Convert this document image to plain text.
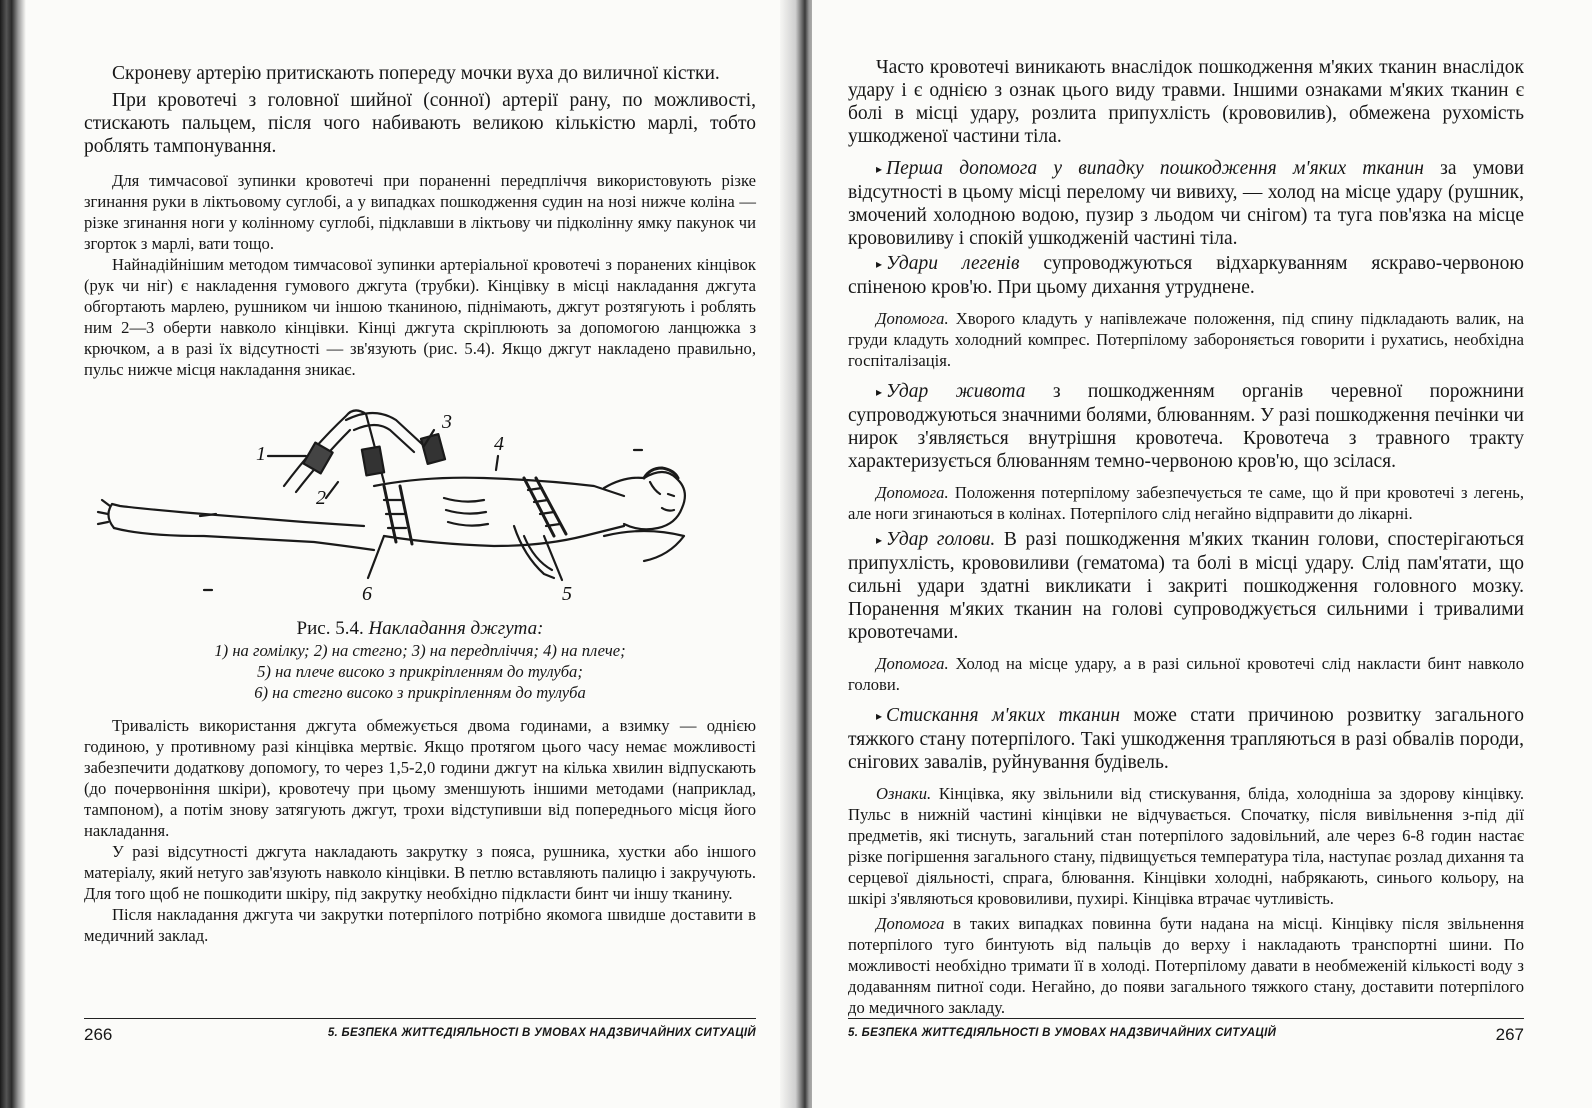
Скроневу артерію притискають попереду мочки вуха до виличної кістки.

При кровотечі з головної шийної (сонної) артерії рану, по можливості, стискають пальцем, після чого набивають великою кількістю марлі, тобто роблять тампонування.

Для тимчасової зупинки кровотечі при пораненні передпліччя використовують різке згинання руки в ліктьовому суглобі, а у випадках пошкодження судин на нозі нижче коліна — різке згинання ноги у колінному суглобі, підклавши в ліктьову чи підколінну ямку пакунок чи згорток з марлі, вати тощо.

Найнадійнішим методом тимчасової зупинки артеріальної кровотечі з поранених кінцівок (рук чи ніг) є накладення гумового джгута (трубки). Кінцівку в місці накладання джгута обгортають марлею, рушником чи іншою тканиною, піднімають, джгут розтягують і роблять ним 2—3 оберти навколо кінцівки. Кінці джгута скріплюють за допомогою ланцюжка з крючком, а в разі їх відсутності — зв'язують (рис. 5.4). Якщо джгут накладено правильно, пульс нижче місця накладання зникає.

1
2
3
4
5
6
Рис. 5.4. Накладання джгута:
1) на гомілку; 2) на стегно; 3) на передпліччя; 4) на плече;
5) на плече високо з прикріпленням до тулуба;
6) на стегно високо з прикріпленням до тулуба

Тривалість використання джгута обмежується двома годинами, а взимку — однією годиною, у противному разі кінцівка мертвіє. Якщо протягом цього часу немає можливості забезпечити додаткову допомогу, то через 1,5-2,0 години джгут на кілька хвилин відпускають (до почервоніння шкіри), кровотечу при цьому зменшують іншими методами (наприклад, тампоном), а потім знову затягують джгут, трохи відступивши від попереднього місця його накладання.

У разі відсутності джгута накладають закрутку з пояса, рушника, хустки або іншого матеріалу, який нетуго зав'язують навколо кінцівки. В петлю вставляють палицю і закручують. Для того щоб не пошкодити шкіру, під закрутку необхідно підкласти бинт чи іншу тканину.

Після накладання джгута чи закрутки потерпілого потрібно якомога швидше доставити в медичний заклад.

266	5. БЕЗПЕКА ЖИТТЄДІЯЛЬНОСТІ В УМОВАХ НАДЗВИЧАЙНИХ СИТУАЦІЙ

Часто кровотечі виникають внаслідок пошкодження м'яких тканин внаслідок удару і є однією з ознак цього виду травми. Іншими ознаками м'яких тканин є болі в місці удару, розлита припухлість (крововилив), обмежена рухомість ушкодженої частини тіла.

▸ Перша допомога у випадку пошкодження м'яких тканин за умови відсутності в цьому місці перелому чи вивиху, — холод на місце удару (рушник, змочений холодною водою, пузир з льодом чи снігом) та туга пов'язка на місце крововиливу і спокій ушкодженій частині тіла.

▸ Удари легенів супроводжуються відхаркуванням яскраво-червоною спіненою кров'ю. При цьому дихання утруднене.

Допомога. Хворого кладуть у напівлежаче положення, під спину підкладають валик, на груди кладуть холодний компрес. Потерпілому забороняється говорити і рухатись, необхідна госпіталізація.

▸ Удар живота з пошкодженням органів черевної порожнини супроводжуються значними болями, блюванням. У разі пошкодження печінки чи нирок з'являється внутрішня кровотеча. Кровотеча з травного тракту характеризується блюванням темно-червоною кров'ю, що зсілася.

Допомога. Положення потерпілому забезпечується те саме, що й при кровотечі з легень, але ноги згинаються в колінах. Потерпілого слід негайно відправити до лікарні.

▸ Удар голови. В разі пошкодження м'яких тканин голови, спостерігаються припухлість, крововиливи (гематома) та болі в місці удару. Слід пам'ятати, що сильні удари здатні викликати і закриті пошкодження головного мозку. Поранення м'яких тканин на голові супроводжується сильними і тривалими кровотечами.

Допомога. Холод на місце удару, а в разі сильної кровотечі слід накласти бинт навколо голови.

▸ Стискання м'яких тканин може стати причиною розвитку загального тяжкого стану потерпілого. Такі ушкодження трапляються в разі обвалів породи, снігових завалів, руйнування будівель.

Ознаки. Кінцівка, яку звільнили від стискування, бліда, холодніша за здорову кінцівку. Пульс в нижній частині кінцівки не відчувається. Спочатку, після вивільнення з-під дії предметів, які тиснуть, загальний стан потерпілого задовільний, але через 6-8 годин настає різке погіршення загального стану, підвищується температура тіла, наступає розлад дихання та серцевої діяльності, спрага, блювання. Кінцівки холодні, набрякають, синього кольору, на шкірі з'являються крововиливи, пухирі. Кінцівка втрачає чутливість.

Допомога в таких випадках повинна бути надана на місці. Кінцівку після звільнення потерпілого туго бинтують від пальців до верху і накладають транспортні шини. По можливості необхідно тримати її в холоді. Потерпілому давати в необмеженій кількості воду з додаванням питної соди. Негайно, до появи загального тяжкого стану, доставити потерпілого до медичного закладу.

5. БЕЗПЕКА ЖИТТЄДІЯЛЬНОСТІ В УМОВАХ НАДЗВИЧАЙНИХ СИТУАЦІЙ	267
